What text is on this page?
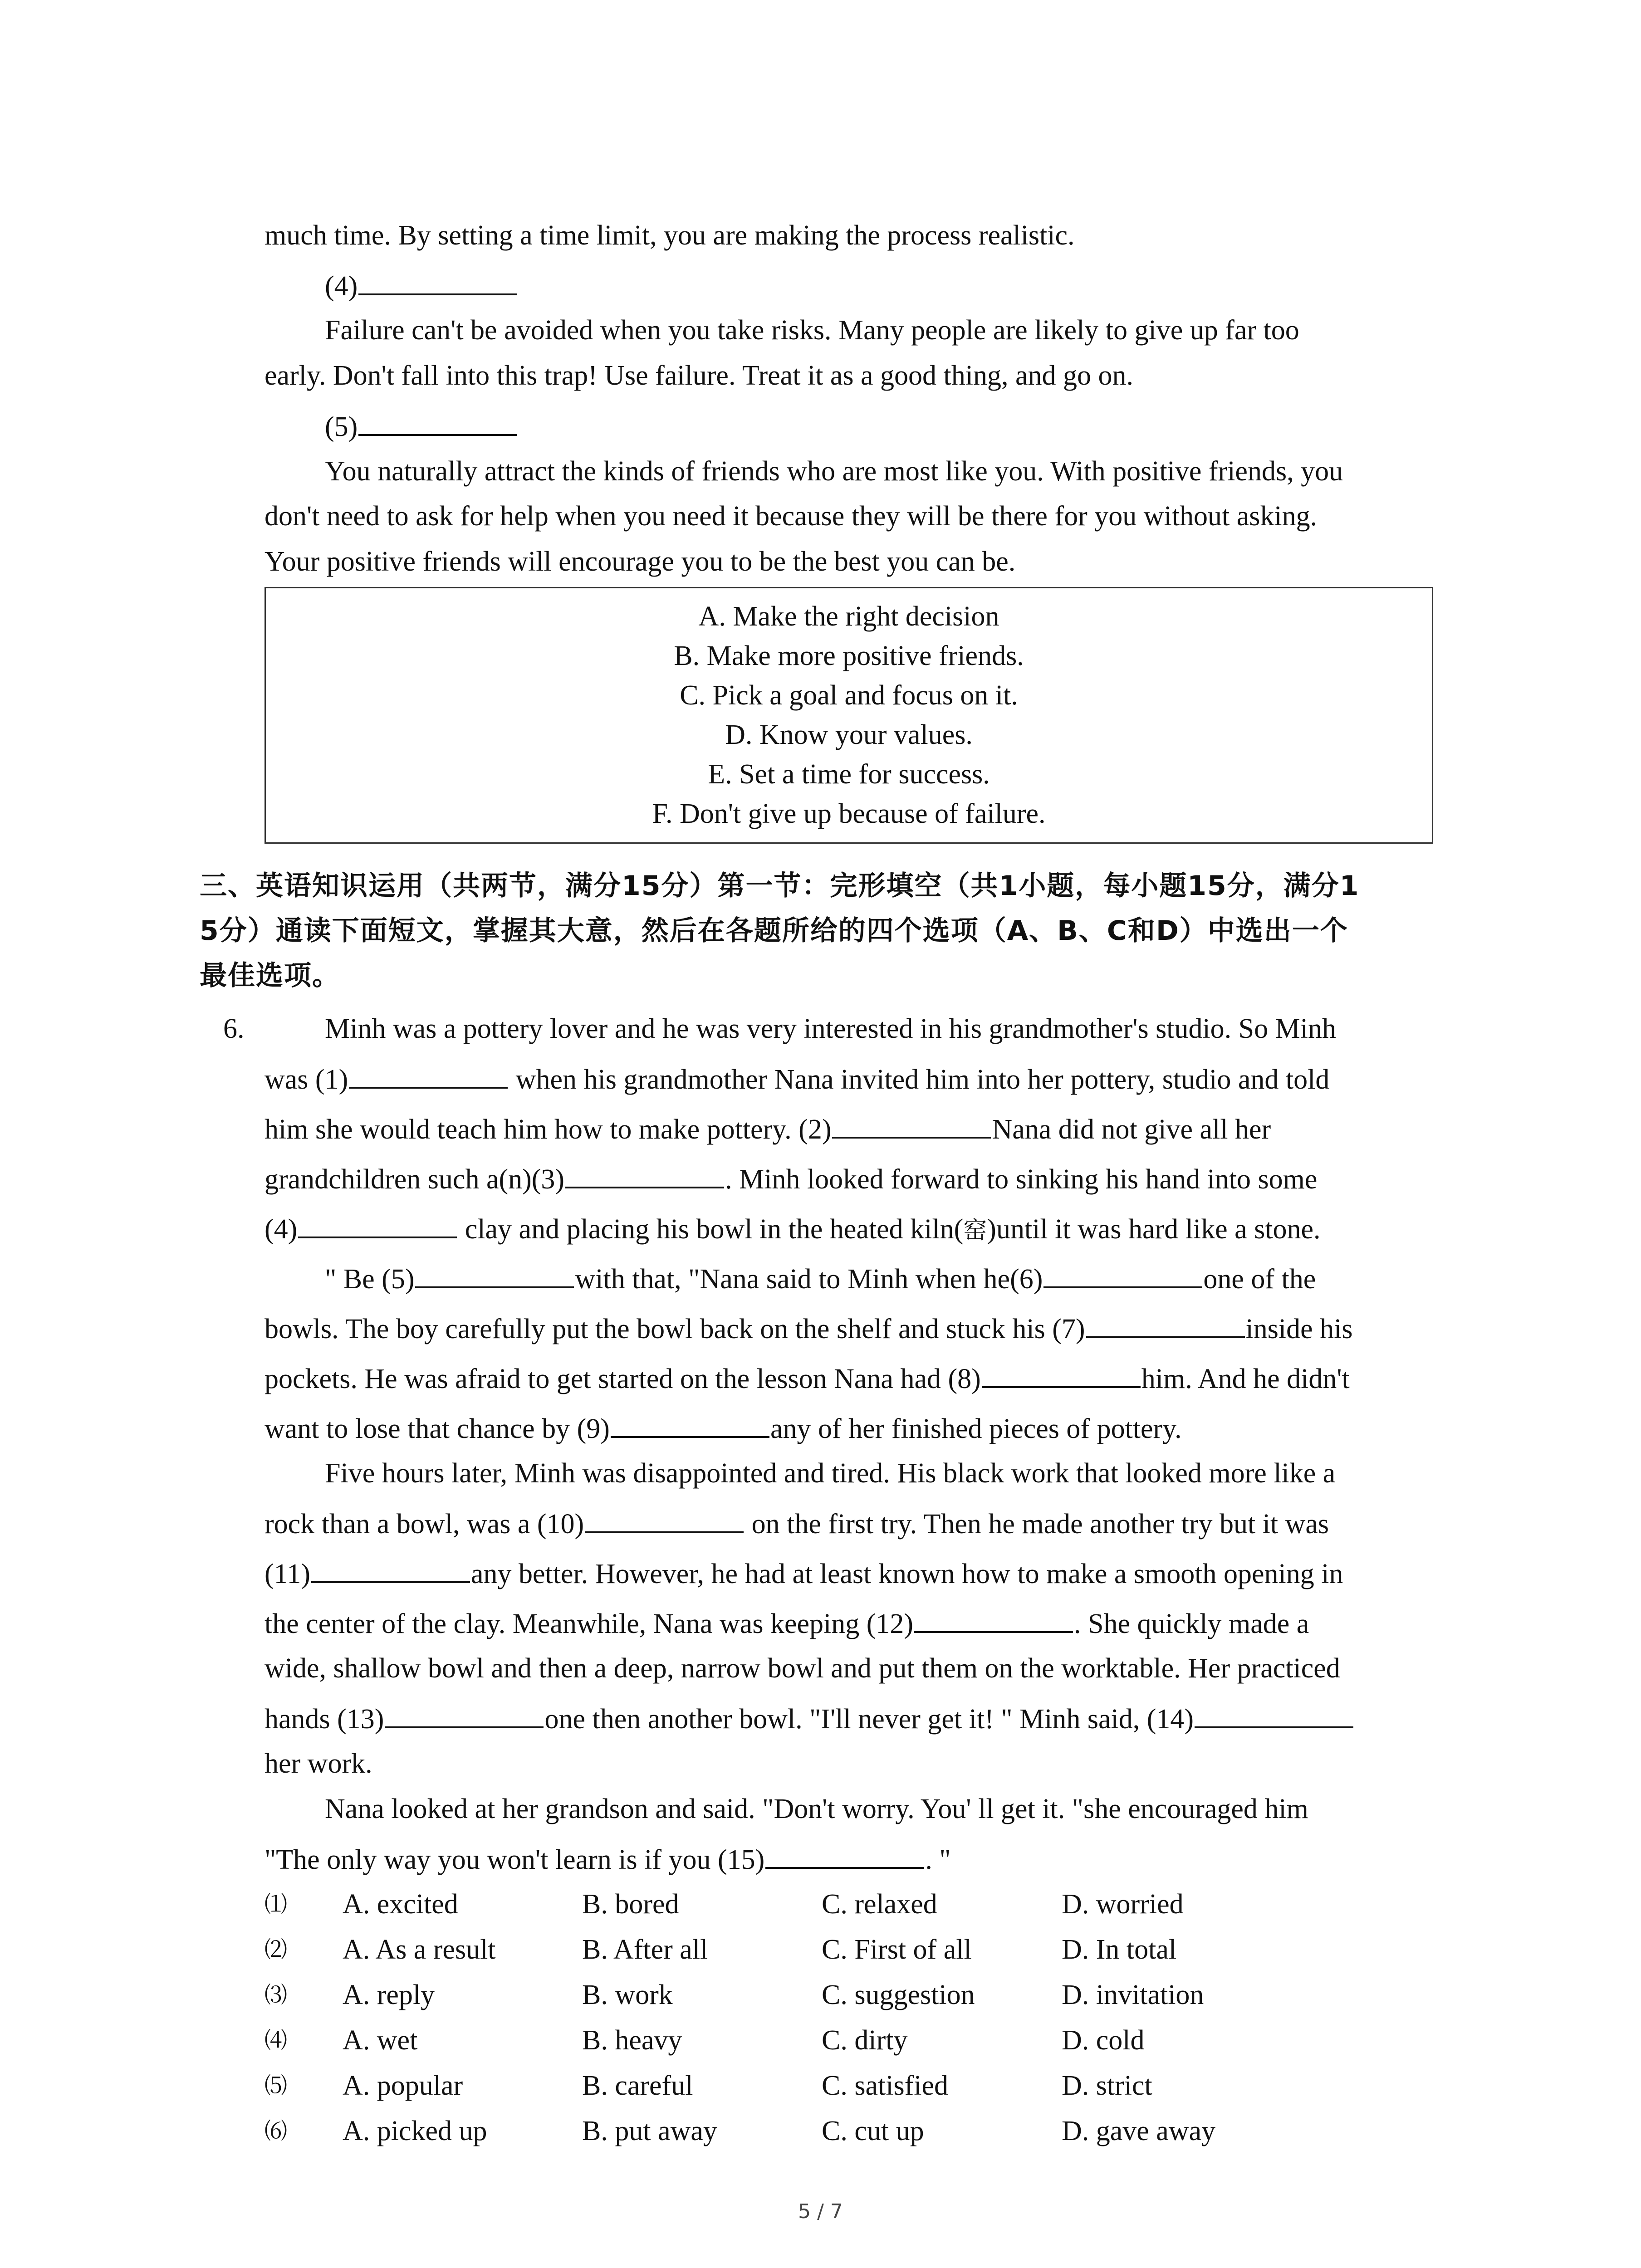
much time. By setting a time limit, you are making the process realistic.
(4)
Failure can't be avoided when you take risks. Many people are likely to give up far too
early. Don't fall into this trap! Use failure. Treat it as a good thing, and go on.
(5)
You naturally attract the kinds of friends who are most like you. With positive friends, you
don't need to ask for help when you need it because they will be there for you without asking.
Your positive friends will encourage you to be the best you can be.
A. Make the right decision
B. Make more positive friends.
C. Pick a goal and focus on it.
D. Know your values.
E. Set a time for success.
F. Don't give up because of failure.
三、英语知识运用（共两节，满分15分）第一节：完形填空（共1小题，每小题15分，满分1
5分）通读下面短文，掌握其大意，然后在各题所给的四个选项（A、B、C和D）中选出一个
最佳选项。
6.	Minh was a pottery lover and he was very interested in his grandmother's studio. So Minh
was (1)	when his grandmother Nana invited him into her pottery, studio and told
him she would teach him how to make pottery. (2)	Nana did not give all her
grandchildren such a(n)(3)	. Minh looked forward to sinking his hand into some
(4)	clay and placing his bowl in the heated kiln(窑)until it was hard like a stone.
" Be (5)	with that, "Nana said to Minh when he(6)	one of the
bowls. The boy carefully put the bowl back on the shelf and stuck his (7)	inside his
pockets. He was afraid to get started on the lesson Nana had (8)	him. And he didn't
want to lose that chance by (9)	any of her finished pieces of pottery.
Five hours later, Minh was disappointed and tired. His black work that looked more like a
rock than a bowl, was a (10)	on the first try. Then he made another try but it was
(11)	any better. However, he had at least known how to make a smooth opening in
the center of the clay. Meanwhile, Nana was keeping (12)	. She quickly made a
wide, shallow bowl and then a deep, narrow bowl and put them on the worktable. Her practiced
hands (13)	one then another bowl. "I'll never get it! " Minh said, (14)
her work.
Nana looked at her grandson and said. "Don't worry. You' ll get it. "she encouraged him
"The only way you won't learn is if you (15)	. "
⑴ A. excited	B. bored	C. relaxed	D. worried
⑵ A. As a result	B. After all	C. First of all	D. In total
⑶ A. reply	B. work	C. suggestion	D. invitation
⑷ A. wet	B. heavy	C. dirty	D. cold
⑸ A. popular	B. careful	C. satisfied	D. strict
⑹ A. picked up	B. put away	C. cut up	D. gave away
5 / 7
